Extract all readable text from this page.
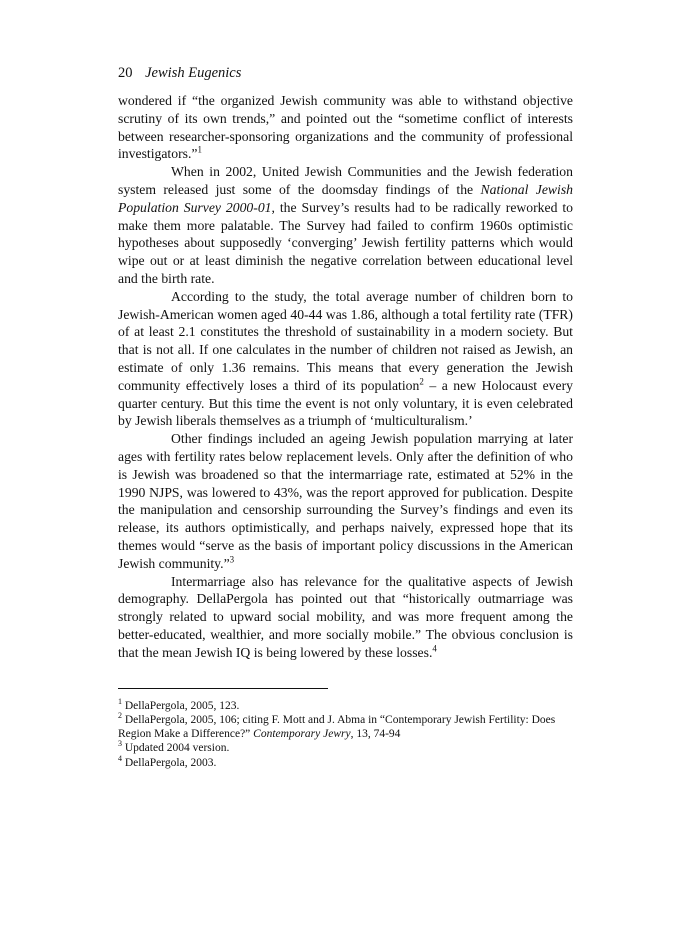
20 Jewish Eugenics

wondered if “the organized Jewish community was able to withstand objective scrutiny of its own trends,” and pointed out the “sometime conflict of interests between researcher-sponsoring organizations and the community of professional investigators.”$^1$

When in 2002, United Jewish Communities and the Jewish federation system released just some of the doomsday findings of the National Jewish Population Survey 2000-01, the Survey’s results had to be radically reworked to make them more palatable. The Survey had failed to confirm 1960s optimistic hypotheses about supposedly ‘converging’ Jewish fertility patterns which would wipe out or at least diminish the negative correlation between educational level and the birth rate.

According to the study, the total average number of children born to Jewish-American women aged 40-44 was 1.86, although a total fertility rate (TFR) of at least 2.1 constitutes the threshold of sustainability in a modern society. But that is not all. If one calculates in the number of children not raised as Jewish, an estimate of only 1.36 remains. This means that every generation the Jewish community effectively loses a third of its population$^2$ – a new Holocaust every quarter century. But this time the event is not only voluntary, it is even celebrated by Jewish liberals themselves as a triumph of ‘multiculturalism.’

Other findings included an ageing Jewish population marrying at later ages with fertility rates below replacement levels. Only after the definition of who is Jewish was broadened so that the intermarriage rate, estimated at 52% in the 1990 NJPS, was lowered to 43%, was the report approved for publication. Despite the manipulation and censorship surrounding the Survey’s findings and even its release, its authors optimistically, and perhaps naively, expressed hope that its themes would “serve as the basis of important policy discussions in the American Jewish community.”$^3$

Intermarriage also has relevance for the qualitative aspects of Jewish demography. DellaPergola has pointed out that “historically outmarriage was strongly related to upward social mobility, and was more frequent among the better-educated, wealthier, and more socially mobile.” The obvious conclusion is that the mean Jewish IQ is being lowered by these losses.$^4$

$^1$ DellaPergola, 2005, 123.

$^2$ DellaPergola, 2005, 106; citing F. Mott and J. Abma in “Contemporary Jewish Fertility: Does Region Make a Difference?” Contemporary Jewry, 13, 74-94

$^3$ Updated 2004 version.

$^4$ DellaPergola, 2003.
